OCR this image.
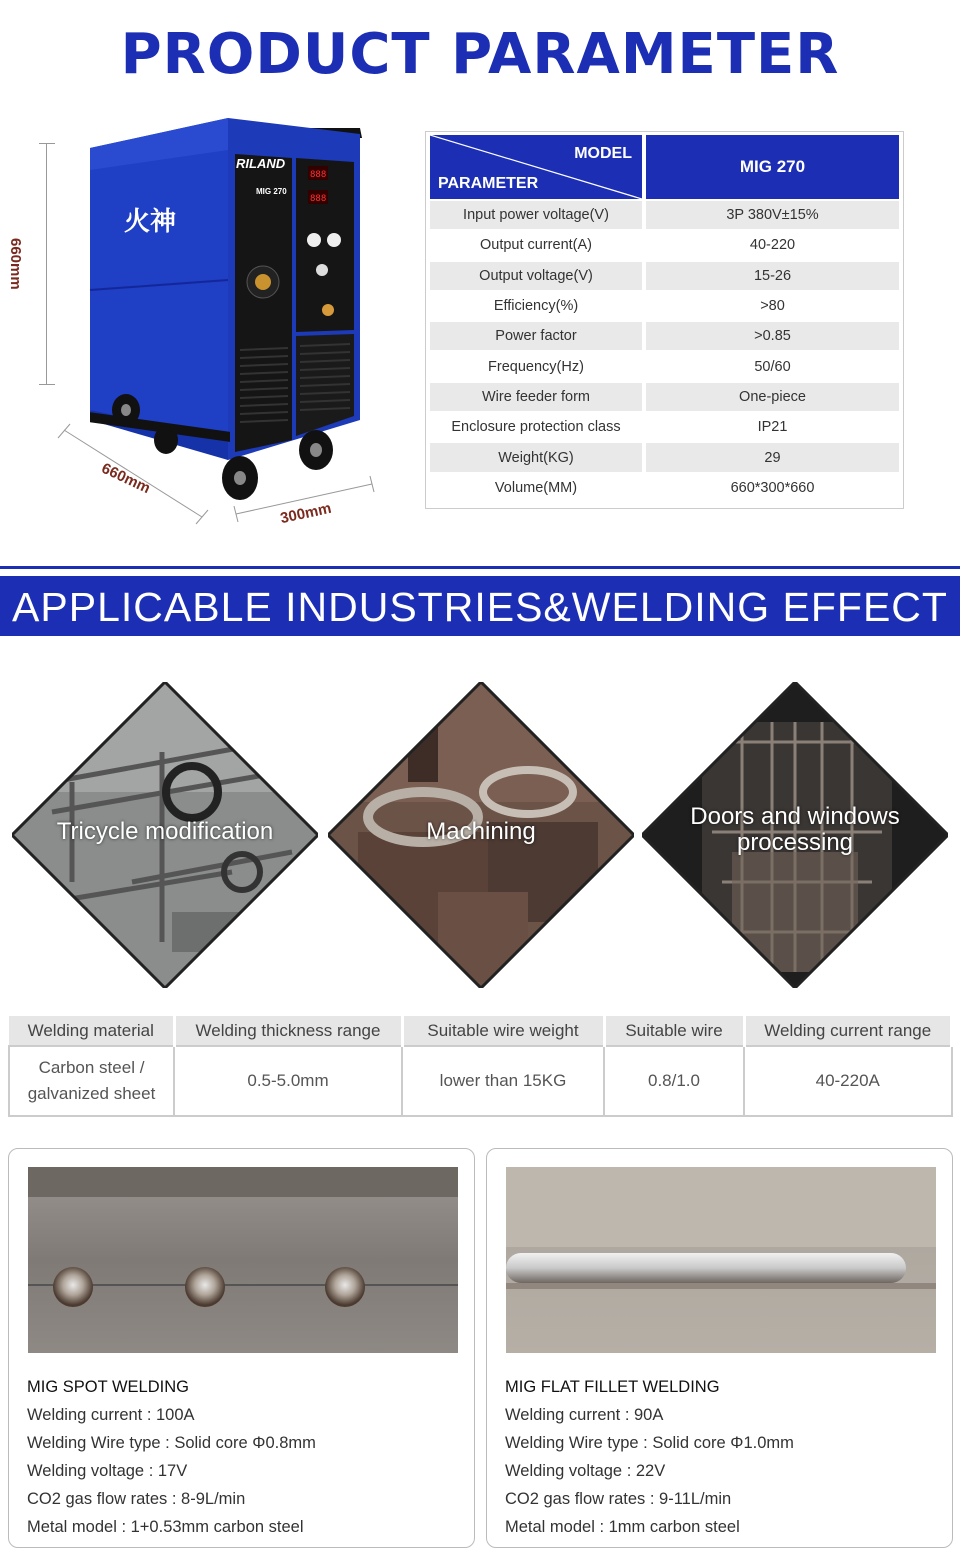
PRODUCT PARAMETER
660mm
660mm
300mm
888
888
RILAND
MIG 270
火神
MODEL
PARAMETER
MIG 270
Input power voltage(V)	3P 380V±15%
Output current(A)	40-220
Output voltage(V)	15-26
Efficiency(%)	>80
Power factor	>0.85
Frequency(Hz)	50/60
Wire feeder form	One-piece
Enclosure protection class	IP21
Weight(KG)	29
Volume(MM)	660*300*660
APPLICABLE INDUSTRIES&WELDING EFFECT
Tricycle modification	Machining
Doors and windows
processing
Welding material	Welding thickness range	Suitable wire weight	Suitable wire	Welding current range

Carbon steel /
galvanized sheet	0.5-5.0mm	lower than 15KG	0.8/1.0	40-220A
MIG SPOT WELDING
Welding current : 100A
Welding Wire type : Solid core Φ0.8mm
Welding voltage : 17V
CO2 gas flow rates : 8-9L/min
Metal model : 1+0.53mm carbon steel
MIG FLAT FILLET WELDING
Welding current : 90A
Welding Wire type : Solid core Φ1.0mm
Welding voltage : 22V
CO2 gas flow rates : 9-11L/min
Metal model : 1mm carbon steel
